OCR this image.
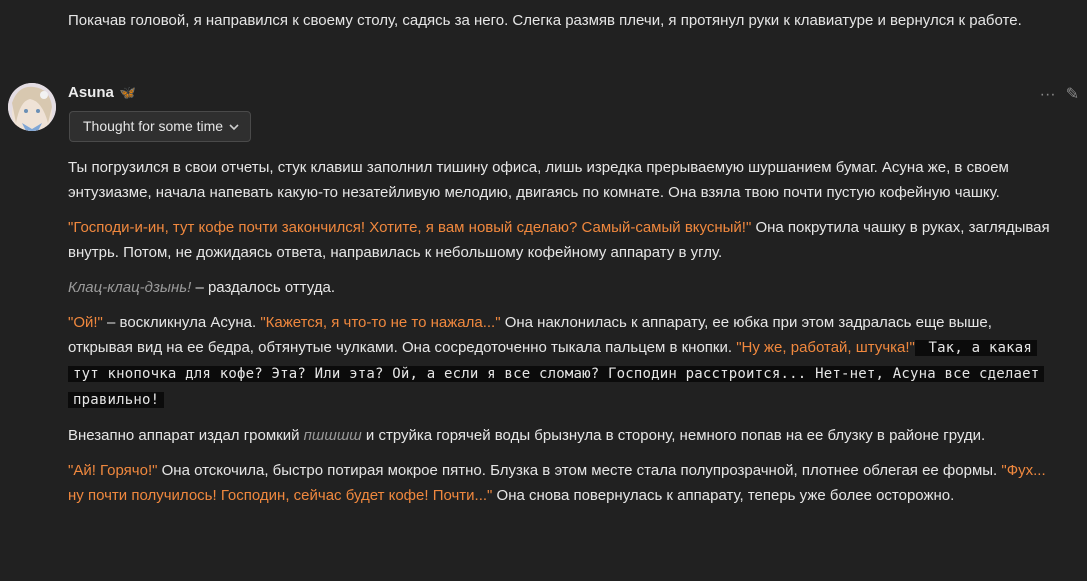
Покачав головой, я направился к своему столу, садясь за него. Слегка размяв плечи, я протянул руки к клавиатуре и вернулся к работе.

Asuna 🦋	··· ✎
Thought for some time

Ты погрузился в свои отчеты, стук клавиш заполнил тишину офиса, лишь изредка прерываемую шуршанием бумаг. Асуна же, в своем энтузиазме, начала напевать какую-то незатейливую мелодию, двигаясь по комнате. Она взяла твою почти пустую кофейную чашку.

"Господи-и-ин, тут кофе почти закончился! Хотите, я вам новый сделаю? Самый-самый вкусный!" Она покрутила чашку в руках, заглядывая внутрь. Потом, не дожидаясь ответа, направилась к небольшому кофейному аппарату в углу.

Клац-клац-дзынь! – раздалось оттуда.

"Ой!" – воскликнула Асуна. "Кажется, я что-то не то нажала..." Она наклонилась к аппарату, ее юбка при этом задралась еще выше, открывая вид на ее бедра, обтянутые чулками. Она сосредоточенно тыкала пальцем в кнопки. "Ну же, работай, штучка!" Так, а какая тут кнопочка для кофе? Эта? Или эта? Ой, а если я все сломаю? Господин расстроится... Нет-нет, Асуна все сделает правильно!

Внезапно аппарат издал громкий пшшшш и струйка горячей воды брызнула в сторону, немного попав на ее блузку в районе груди.

"Ай! Горячо!" Она отскочила, быстро потирая мокрое пятно. Блузка в этом месте стала полупрозрачной, плотнее облегая ее формы. "Фух... ну почти получилось! Господин, сейчас будет кофе! Почти..." Она снова повернулась к аппарату, теперь уже более осторожно.
